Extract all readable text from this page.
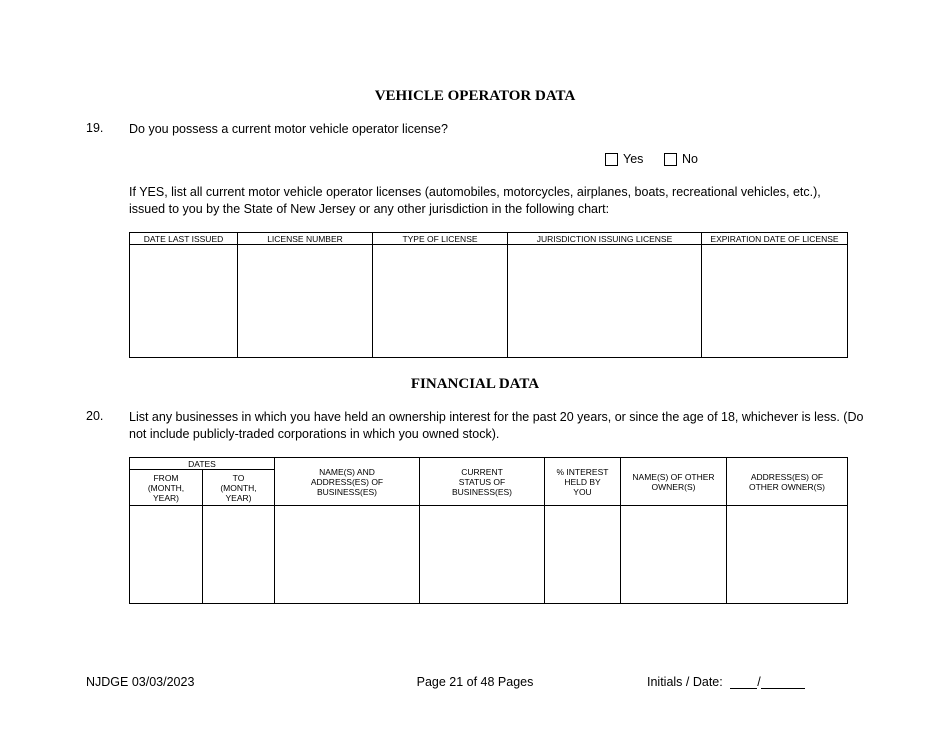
VEHICLE OPERATOR DATA
19. Do you possess a current motor vehicle operator license?
Yes	No
If YES, list all current motor vehicle operator licenses (automobiles, motorcycles, airplanes, boats, recreational vehicles, etc.), issued to you by the State of New Jersey or any other jurisdiction in the following chart:
DATE LAST ISSUED	LICENSE NUMBER	TYPE OF LICENSE	JURISDICTION ISSUING LICENSE	EXPIRATION DATE OF LICENSE

FINANCIAL DATA
20. List any businesses in which you have held an ownership interest for the past 20 years, or since the age of 18, whichever is less. (Do not include publicly-traded corporations in which you owned stock).
DATES		NAME(S) AND ADDRESS(ES) OF BUSINESS(ES)	CURRENT STATUS OF BUSINESS(ES)	% INTEREST HELD BY YOU	NAME(S) OF OTHER OWNER(S)	ADDRESS(ES) OF OTHER OWNER(S)
FROM (MONTH, YEAR)	TO (MONTH, YEAR)					

NJDGE 03/03/2023	Page 21 of 48 Pages	Initials / Date:	/
